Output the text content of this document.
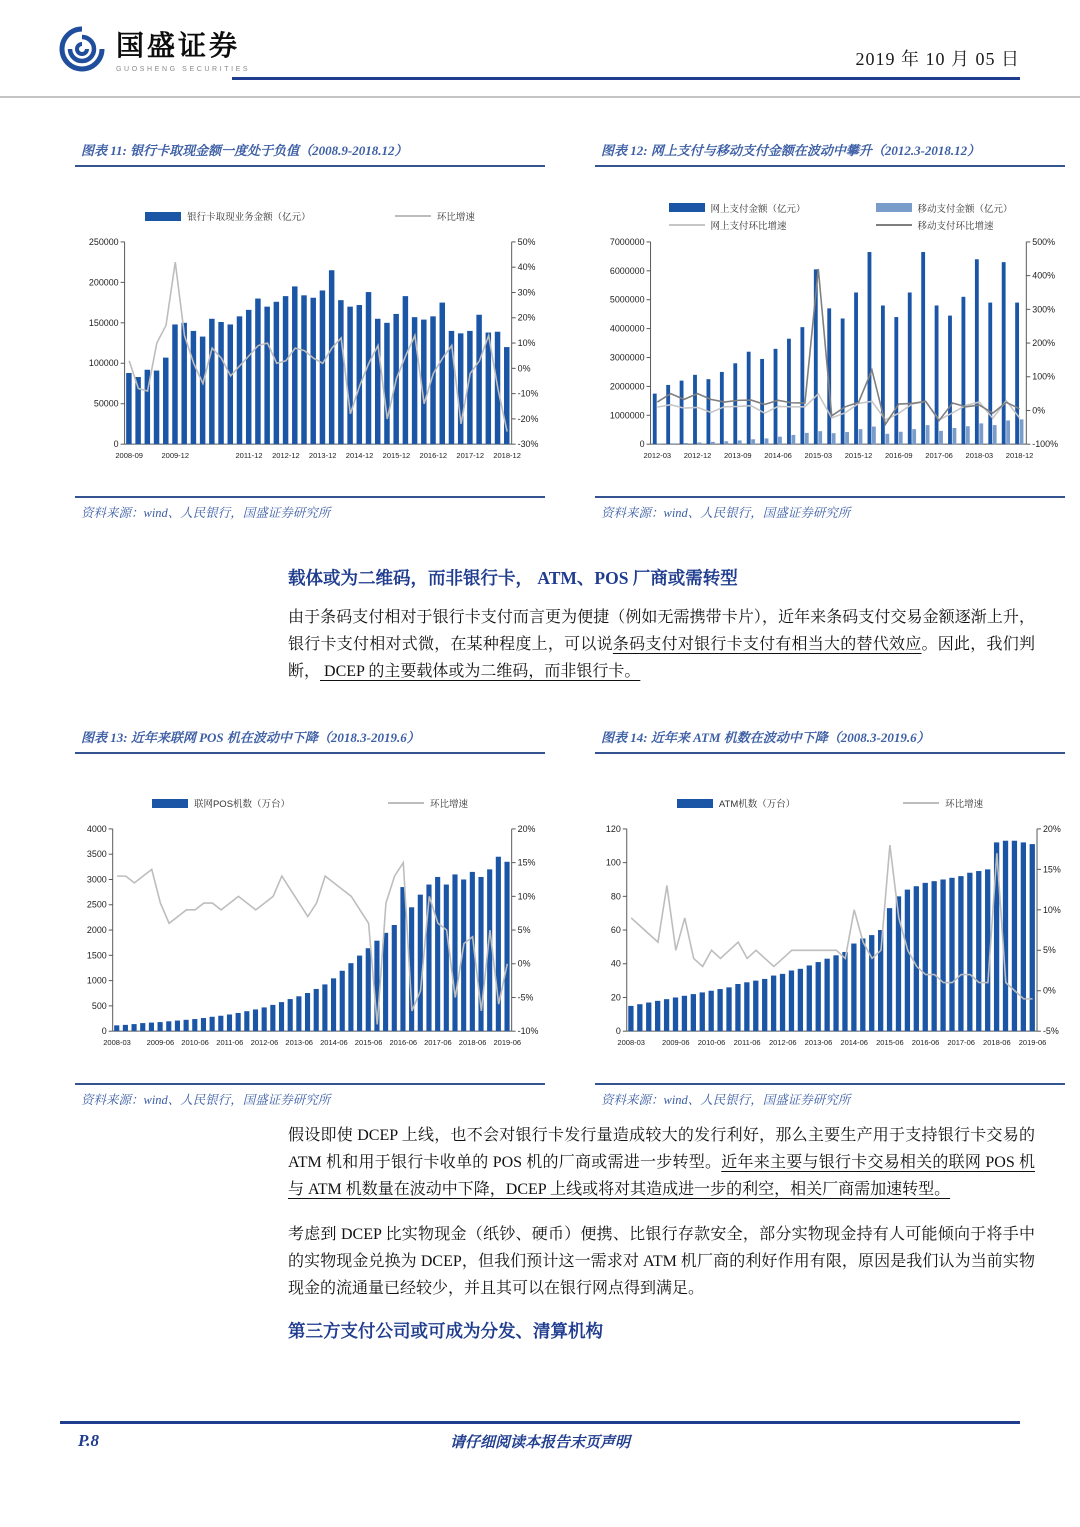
国盛证券
GUOSHENG SECURITIES
2019 年 10 月 05 日
图表 11: 银行卡取现金额一度处于负值（2008.9-2018.12）
银行卡取现业务金额（亿元）	环比增速
0
50000
100000
150000
200000
250000
-30%
-20%
-10%
0%
10%
20%
30%
40%
50%
2008-09 2009-12	2011-12 2012-12 2013-12 2014-12 2015-12 2016-12 2017-12 2018-12
资料来源：wind、人民银行，国盛证券研究所
图表 12: 网上支付与移动支付金额在波动中攀升（2012.3-2018.12）
网上支付金额（亿元）	移动支付金额（亿元）
网上支付环比增速	移动支付环比增速
0
1000000
2000000
3000000
4000000
5000000
6000000
7000000
-100%
0%
100%
200%
300%
400%
500%
2012-03 2012-12 2013-09 2014-06 2015-03 2015-12 2016-09 2017-06 2018-03 2018-12
资料来源：wind、人民银行，国盛证券研究所
载体或为二维码，而非银行卡， ATM、POS 厂商或需转型

由于条码支付相对于银行卡支付而言更为便捷（例如无需携带卡片），近年来条码支付交易金额逐渐上升，银行卡支付相对式微，在某种程度上，可以说条码支付对银行卡支付有相当大的替代效应。因此，我们判断， DCEP 的主要载体或为二维码，而非银行卡。

图表 13: 近年来联网 POS 机在波动中下降（2018.3-2019.6）
联网POS机数（万台）	环比增速
0
500
1000
1500
2000
2500
3000
3500
4000
-10%
-5%
0%
5%
10%
15%
20%
2008-03 2009-06 2010-06 2011-06 2012-06 2013-06 2014-06 2015-06 2016-06 2017-06 2018-06 2019-06
资料来源：wind、人民银行，国盛证券研究所
图表 14: 近年来 ATM 机数在波动中下降（2008.3-2019.6）
ATM机数（万台）	环比增速
0
20
40
60
80
100
120
-5%
0%
5%
10%
15%
20%
2008-03 2009-06 2010-06 2011-06 2012-06 2013-06 2014-06 2015-06 2016-06 2017-06 2018-06 2019-06
资料来源：wind、人民银行，国盛证券研究所

假设即使 DCEP 上线，也不会对银行卡发行量造成较大的发行利好，那么主要生产用于支持银行卡交易的 ATM 机和用于银行卡收单的 POS 机的厂商或需进一步转型。近年来主要与银行卡交易相关的联网 POS 机与 ATM 机数量在波动中下降，DCEP 上线或将对其造成进一步的利空，相关厂商需加速转型。

考虑到 DCEP 比实物现金（纸钞、硬币）便携、比银行存款安全，部分实物现金持有人可能倾向于将手中的实物现金兑换为 DCEP，但我们预计这一需求对 ATM 机厂商的利好作用有限，原因是我们认为当前实物现金的流通量已经较少，并且其可以在银行网点得到满足。

第三方支付公司或可成为分发、清算机构
P.8	请仔细阅读本报告末页声明
